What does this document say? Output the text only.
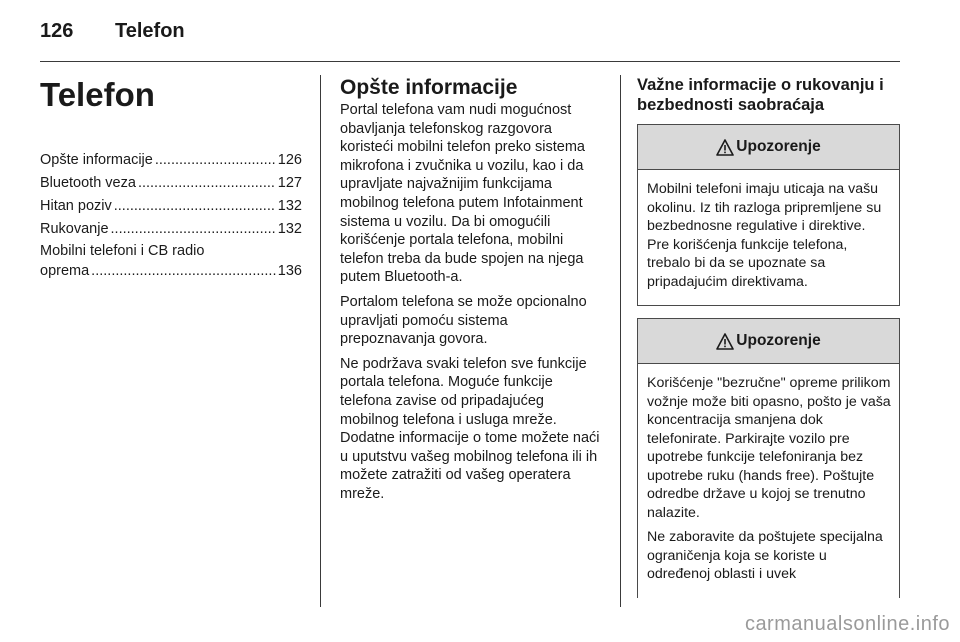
126 Telefon
Telefon
Opšte informacije .....	126
Bluetooth veza .....	127
Hitan poziv .....	132
Rukovanje .....	132
Mobilni telefoni i CB radio
oprema .....	136
Opšte informacije

Portal telefona vam nudi mogućnost obavljanja telefonskog razgovora koristeći mobilni telefon preko sistema mikrofona i zvučnika u vozilu, kao i da upravljate najvažnijim funkcijama mobilnog telefona putem Infotainment sistema u vozilu. Da bi omogućili korišćenje portala telefona, mobilni telefon treba da bude spojen na njega putem Bluetooth-a.

Portalom telefona se može opcionalno upravljati pomoću sistema prepoznavanja govora.

Ne podržava svaki telefon sve funkcije portala telefona. Moguće funkcije telefona zavise od pripadajućeg mobilnog telefona i usluga mreže. Dodatne informacije o tome možete naći u uputstvu vašeg mobilnog telefona ili ih možete zatražiti od vašeg operatera mreže.

Važne informacije o rukovanju i bezbednosti saobraćaja
Upozorenje

Mobilni telefoni imaju uticaja na vašu okolinu. Iz tih razloga pripremljene su bezbednosne regulative i direktive. Pre korišćenja funkcije telefona, trebalo bi da se upoznate sa pripadajućim direktivama.

Upozorenje

Korišćenje "bezručne" opreme prilikom vožnje može biti opasno, pošto je vaša koncentracija smanjena dok telefonirate. Parkirajte vozilo pre upotrebe funkcije telefoniranja bez upotrebe ruku (hands free). Poštujte odredbe države u kojoj se trenutno nalazite.

Ne zaboravite da poštujete specijalna ograničenja koja se koriste u određenoj oblasti i uvek

carmanualsonline.info
